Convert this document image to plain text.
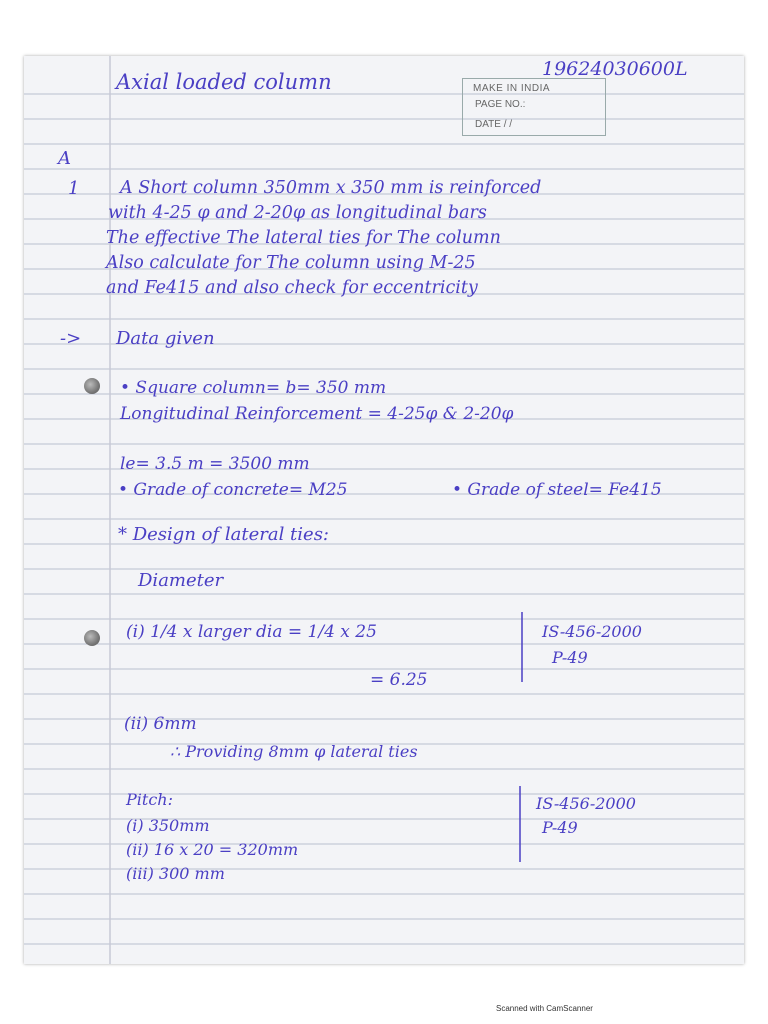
MAKE IN INDIA
PAGE NO.:
DATE / /
19624030600L
Axial loaded column
A
1 A Short column 350mm x 350 mm is reinforced
with 4-25 φ and 2-20φ as longitudinal bars
The effective The lateral ties for The column
Also calculate for The column using M-25
and Fe415 and also check for eccentricity
-> Data given
• Square column= b= 350 mm
Longitudinal Reinforcement = 4-25φ & 2-20φ
le= 3.5 m = 3500 mm
• Grade of concrete= M25	• Grade of steel= Fe415
* Design of lateral ties:
Diameter
(i) 1/4 x larger dia = 1/4 x 25
= 6.25
IS-456-2000
P-49
(ii) 6mm
∴ Providing 8mm φ lateral ties
Pitch:
(i) 350mm
(ii) 16 x 20 = 320mm
(iii) 300 mm
IS-456-2000
P-49
Scanned with CamScanner
